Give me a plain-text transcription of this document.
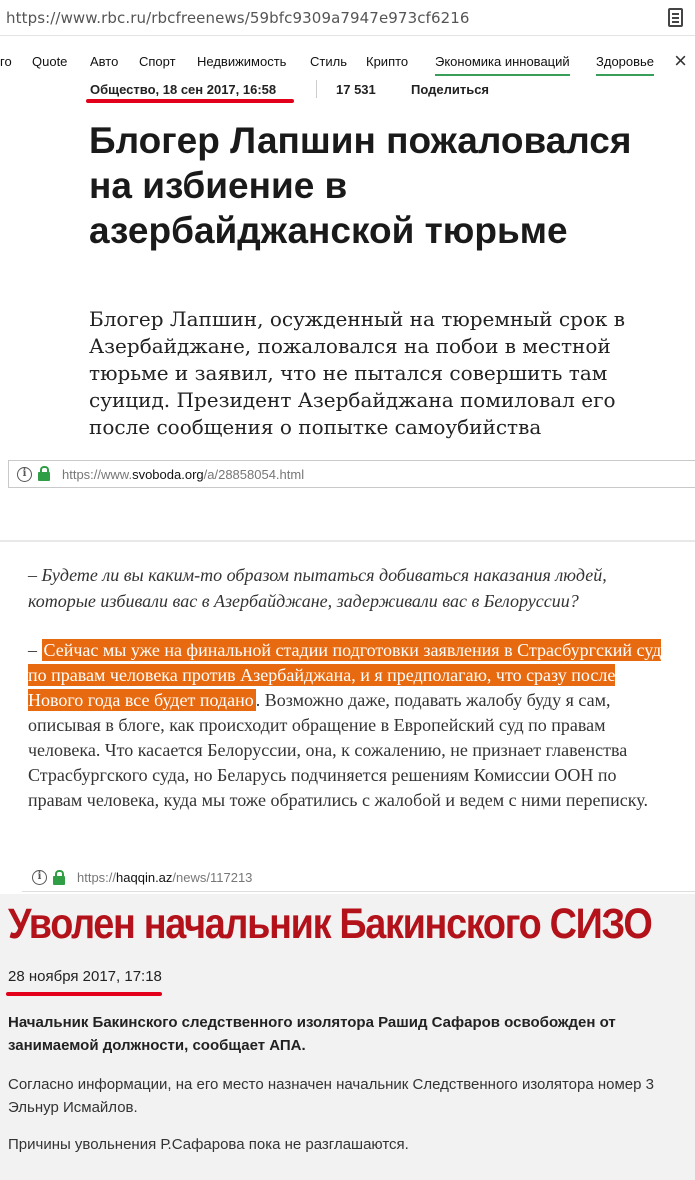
https://www.rbc.ru/rbcfreenews/59bfc9309a7947e973cf6216
го Quote Авто Спорт Недвижимость Стиль Крипто Экономика инноваций Здоровье ×
Общество, 18 сен 2017, 16:58	17 531	Поделиться
Блогер Лапшин пожаловался на избиение в азербайджанской тюрьме

Блогер Лапшин, осужденный на тюремный срок в Азербайджане, пожаловался на побои в местной тюрьме и заявил, что не пытался совершить там суицид. Президент Азербайджана помиловал его после сообщения о попытке самоубийства

i	https://www.svoboda.org/a/28858054.html

– Будете ли вы каким-то образом пытаться добиваться наказания людей, которые избивали вас в Азербайджане, задерживали вас в Белоруссии?

– Сейчас мы уже на финальной стадии подготовки заявления в Страсбургский суд по правам человека против Азербайджана, и я предполагаю, что сразу после Нового года все будет подано . Возможно даже, подавать жалобу буду я сам, описывая в блоге, как происходит обращение в Европейский суд по правам человека. Что касается Белоруссии, она, к сожалению, не признает главенства Страсбургского суда, но Беларусь подчиняется решениям Комиссии ООН по правам человека, куда мы тоже обратились с жалобой и ведем с ними переписку.

i	https://haqqin.az/news/117213
Уволен начальник Бакинского СИЗО
28 ноября 2017, 17:18

Начальник Бакинского следственного изолятора Рашид Сафаров освобожден от занимаемой должности, сообщает АПА.

Согласно информации, на его место назначен начальник Следственного изолятора номер 3 Эльнур Исмайлов.

Причины увольнения Р.Сафарова пока не разглашаются.
